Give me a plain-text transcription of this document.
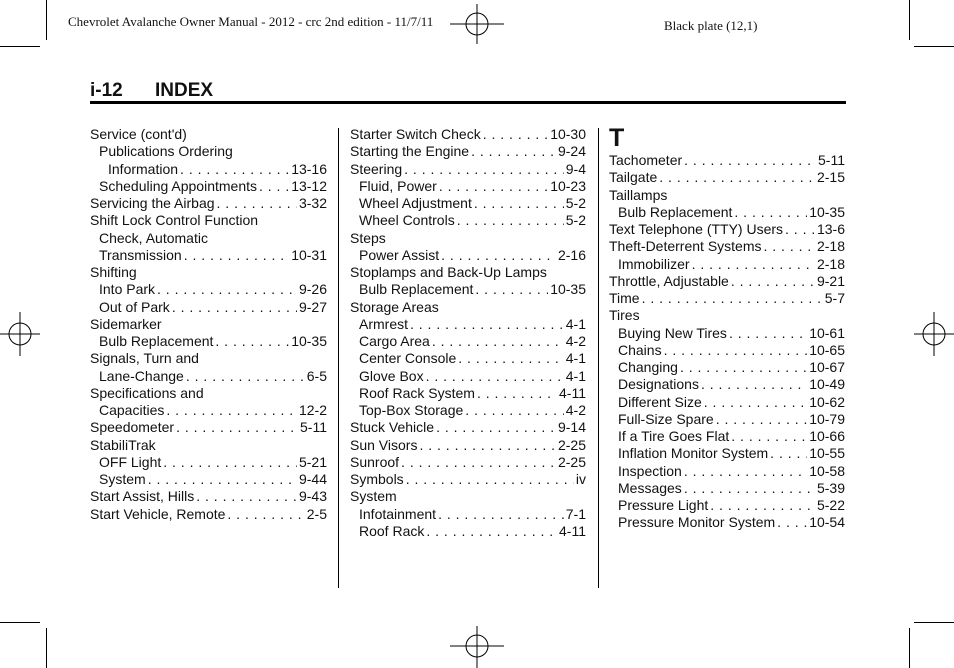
Chevrolet Avalanche Owner Manual - 2012 - crc 2nd edition - 11/7/11	Black plate (12,1)
i-12 INDEX
Service (cont'd)
Publications Ordering
Information . . .	13-16
Scheduling Appointments . . . 13-12
Servicing the Airbag . . .	3-32
Shift Lock Control Function
Check, Automatic
Transmission . . .	10-31
Shifting
Into Park . . .	9-26
Out of Park . . .	9-27
Sidemarker
Bulb Replacement . . .	10-35
Signals, Turn and
Lane-Change . . .	6-5
Specifications and
Capacities . . .	12-2
Speedometer . . .	5-11
StabiliTrak
OFF Light . . .	5-21
System . . .	9-44
Start Assist, Hills . . .	9-43
Start Vehicle, Remote . . .	2-5
Starter Switch Check . . .	10-30
Starting the Engine . . .	9-24
Steering . . .	9-4
Fluid, Power . . .	10-23
Wheel Adjustment . . .	5-2
Wheel Controls . . .	5-2
Steps
Power Assist . . .	2-16
Stoplamps and Back-Up Lamps
Bulb Replacement . . .	10-35
Storage Areas
Armrest . . .	4-1
Cargo Area . . .	4-2
Center Console . . .	4-1
Glove Box . . .	4-1
Roof Rack System . . .	4-11
Top-Box Storage . . .	4-2
Stuck Vehicle . . .	9-14
Sun Visors . . .	2-25
Sunroof . . .	2-25
Symbols . . .	iv
System
Infotainment . . .	7-1
Roof Rack . . .	4-11
T
Tachometer . . .	5-11
Tailgate . . .	2-15
Taillamps
Bulb Replacement . . .	10-35
Text Telephone (TTY) Users . . . 13-6
Theft-Deterrent Systems . . .	2-18
Immobilizer . . .	2-18
Throttle, Adjustable . . .	9-21
Time . . .	5-7
Tires
Buying New Tires . . .	10-61
Chains . . .	10-65
Changing . . .	10-67
Designations . . .	10-49
Different Size . . .	10-62
Full-Size Spare . . .	10-79
If a Tire Goes Flat . . .	10-66
Inflation Monitor System . . .	10-55
Inspection . . .	10-58
Messages . . .	5-39
Pressure Light . . .	5-22
Pressure Monitor System . . . 10-54
